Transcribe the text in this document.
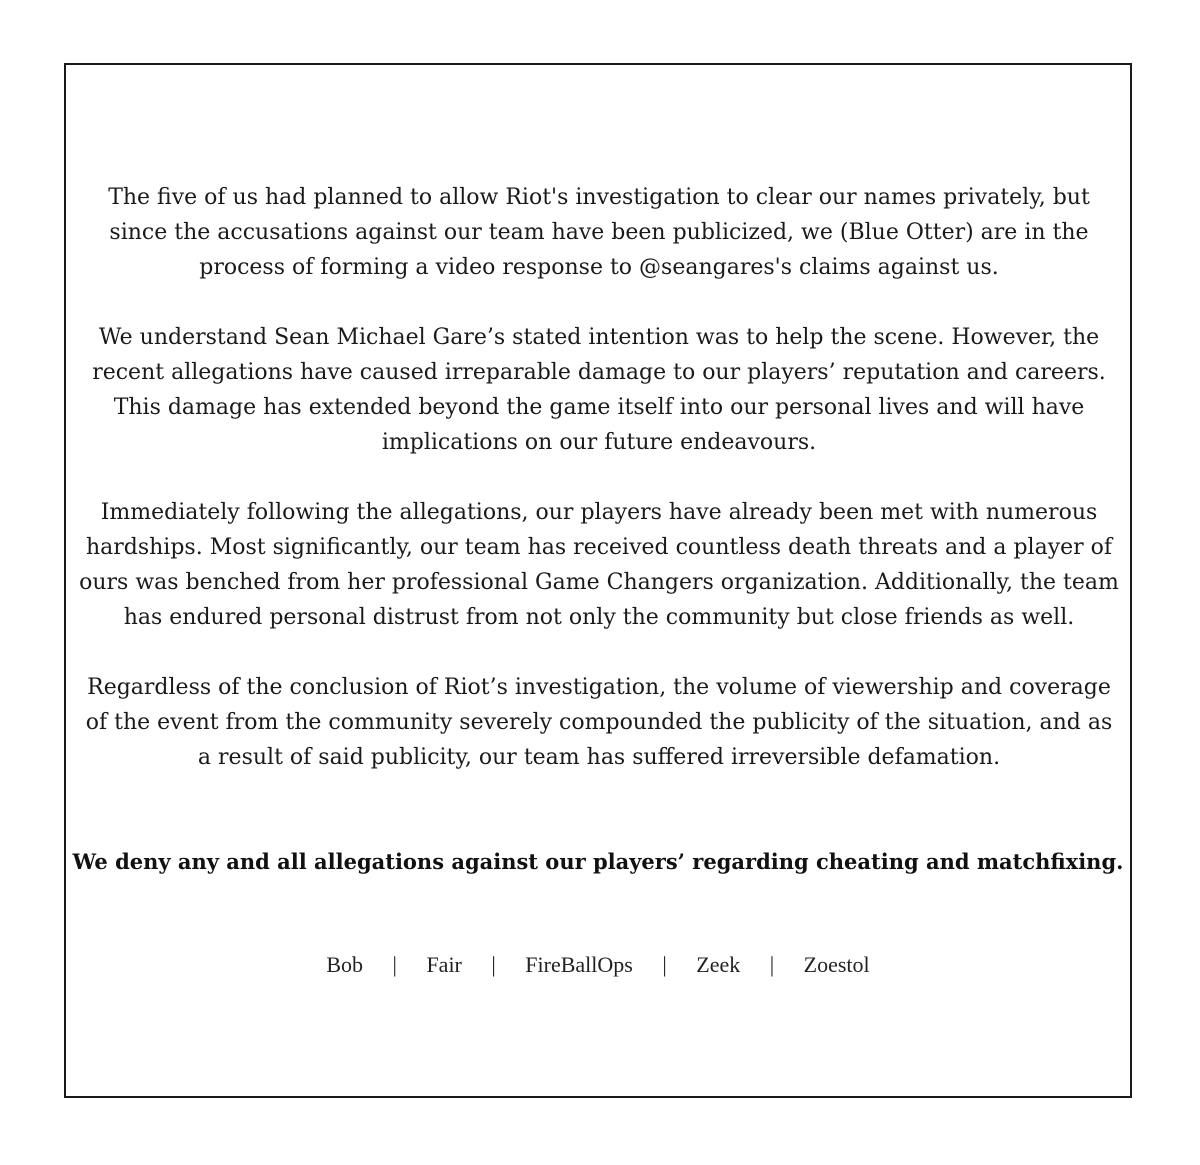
The five of us had planned to allow Riot's investigation to clear our names privately, but since the accusations against our team have been publicized, we (Blue Otter) are in the process of forming a video response to @seangares's claims against us.

We understand Sean Michael Gare’s stated intention was to help the scene. However, the recent allegations have caused irreparable damage to our players’ reputation and careers. This damage has extended beyond the game itself into our personal lives and will have implications on our future endeavours.

Immediately following the allegations, our players have already been met with numerous hardships. Most significantly, our team has received countless death threats and a player of ours was benched from her professional Game Changers organization. Additionally, the team has endured personal distrust from not only the community but close friends as well.

Regardless of the conclusion of Riot’s investigation, the volume of viewership and coverage of the event from the community severely compounded the publicity of the situation, and as a result of said publicity, our team has suffered irreversible defamation.

We deny any and all allegations against our players’ regarding cheating and matchfixing.
Bob | Fair | FireBallOps | Zeek | Zoestol
